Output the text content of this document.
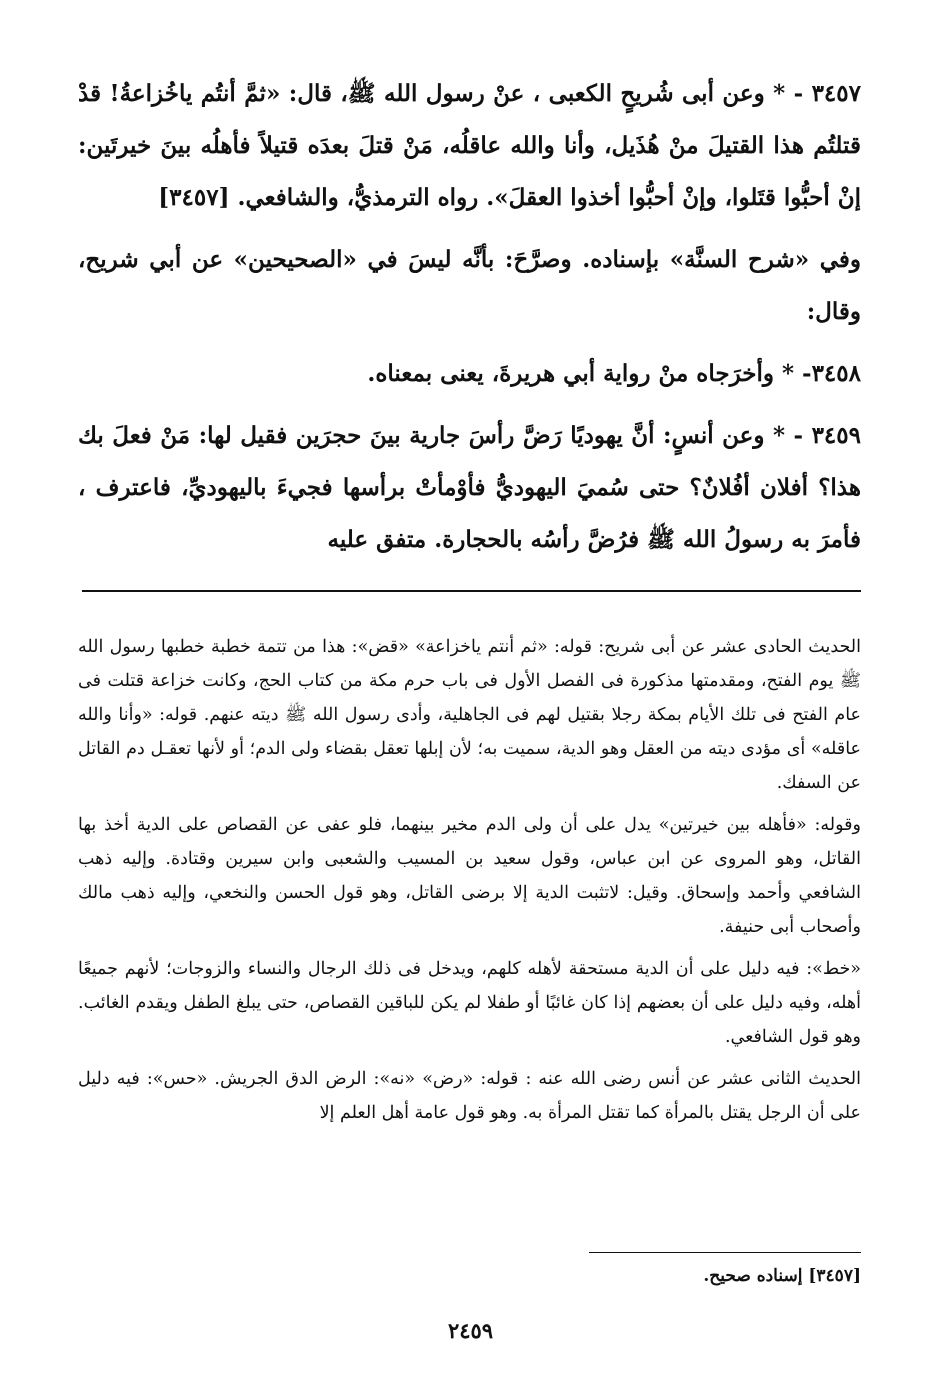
٣٤٥٧ - * وعن أبى شُريحٍ الكعبى ، عنْ رسول الله ﷺ، قال: «ثمَّ أنتُم ياخُزاعةُ! قدْ قتلتُم هذا القتيلَ منْ هُذَيل، وأنا والله عاقلُه، مَنْ قتلَ بعدَه قتيلاً فأهلُه بينَ خيرتَين: إنْ أحبُّوا قتَلوا، وإنْ أحبُّوا أخذوا العقلَ». رواه الترمذيُّ، والشافعي. [٣٤٥٧]

وفي «شرح السنَّة» بإسناده. وصرَّحَ: بأنَّه ليسَ في «الصحيحين» عن أبي شريح، وقال:

٣٤٥٨- * وأخرَجاه منْ رواية أبي هريرةَ، يعنى بمعناه.

٣٤٥٩ - * وعن أنسٍ: أنَّ يهوديًا رَضَّ رأسَ جارية بينَ حجرَين فقيل لها: مَنْ فعلَ بك هذا؟ أفلان أفُلانٌ؟ حتى سُميَ اليهوديُّ فأوْمأتْ برأسها فجيءَ باليهوديِّ، فاعترف ، فأمرَ به رسولُ الله ﷺ فرُضَّ رأسُه بالحجارة. متفق عليه

الحديث الحادى عشر عن أبى شريح: قوله: «ثم أنتم ياخزاعة» «قض»: هذا من تتمة خطبة خطبها رسول الله ﷺ يوم الفتح، ومقدمتها مذكورة فى الفصل الأول فى باب حرم مكة من كتاب الحج، وكانت خزاعة قتلت فى عام الفتح فى تلك الأيام بمكة رجلا بقتيل لهم فى الجاهلية، وأدى رسول الله ﷺ ديته عنهم. قوله: «وأنا والله عاقله» أى مؤدى ديته من العقل وهو الدية، سميت به؛ لأن إبلها تعقل بقضاء ولى الدم؛ أو لأنها تعقـل دم القاتل عن السفك.

وقوله: «فأهله بين خيرتين» يدل على أن ولى الدم مخير بينهما، فلو عفى عن القصاص على الدية أخذ بها القاتل، وهو المروى عن ابن عباس، وقول سعيد بن المسيب والشعبى وابن سيرين وقتادة. وإليه ذهب الشافعي وأحمد وإسحاق. وقيل: لاتثبت الدية إلا برضى القاتل، وهو قول الحسن والنخعي، وإليه ذهب مالك وأصحاب أبى حنيفة.

«خط»: فيه دليل على أن الدية مستحقة لأهله كلهم، ويدخل فى ذلك الرجال والنساء والزوجات؛ لأنهم جميعًا أهله، وفيه دليل على أن بعضهم إذا كان غائبًا أو طفلا لم يكن للباقين القصاص، حتى يبلغ الطفل ويقدم الغائب. وهو قول الشافعي.

الحديث الثانى عشر عن أنس رضى الله عنه : قوله: «رض» «نه»: الرض الدق الجريش. «حس»: فيه دليل على أن الرجل يقتل بالمرأة كما تقتل المرأة به. وهو قول عامة أهل العلم إلا

[٣٤٥٧] إسناده صحيح.

٢٤٥٩
